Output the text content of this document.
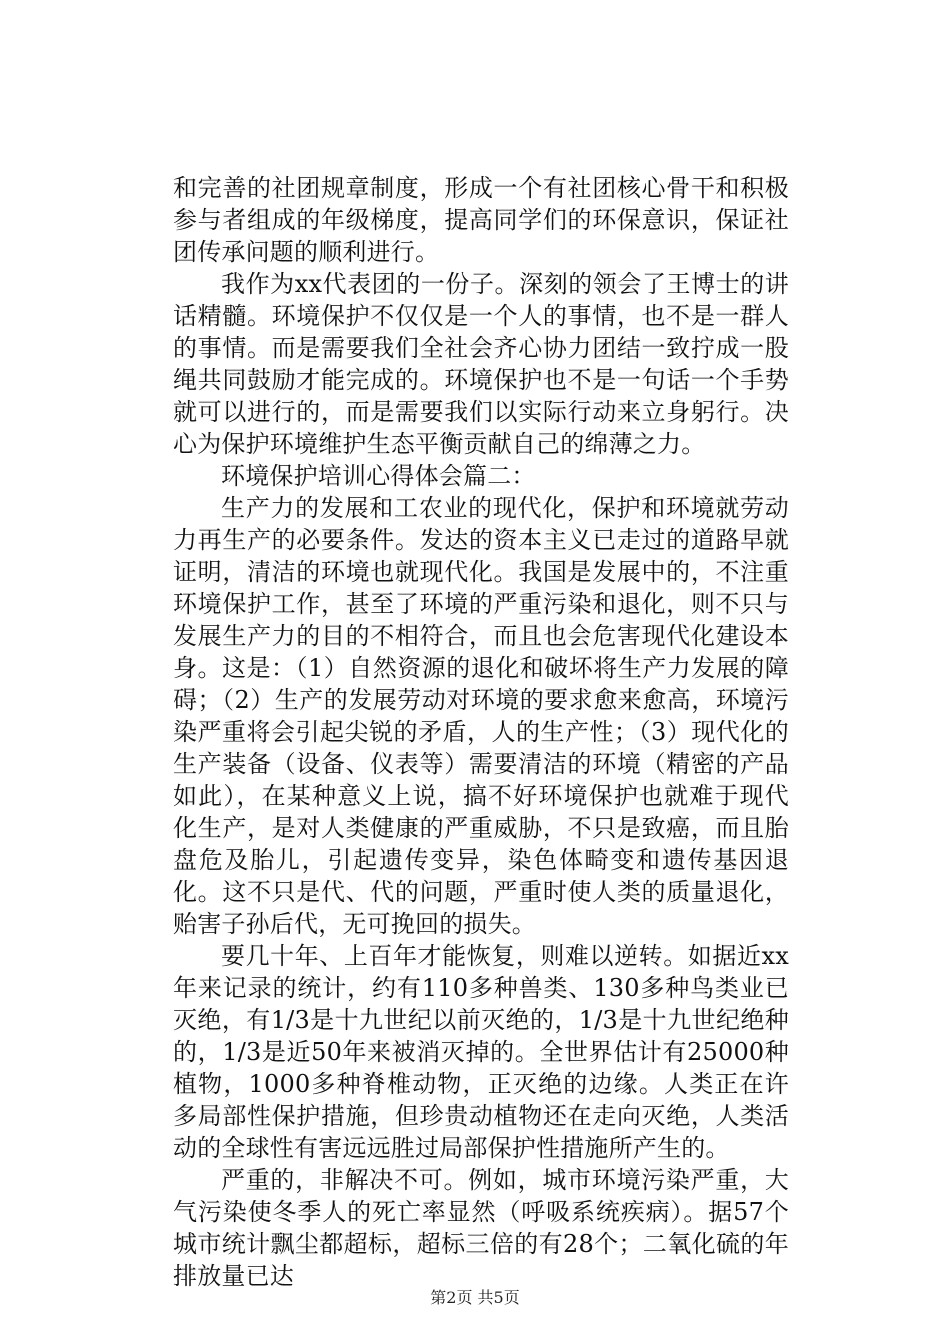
和完善的社团规章制度，形成一个有社团核心骨干和积极参与者组成的年级梯度，提高同学们的环保意识，保证社团传承问题的顺利进行。

我作为xx代表团的一份子。深刻的领会了王博士的讲话精髓。环境保护不仅仅是一个人的事情，也不是一群人的事情。而是需要我们全社会齐心协力团结一致拧成一股绳共同鼓励才能完成的。环境保护也不是一句话一个手势就可以进行的，而是需要我们以实际行动来立身躬行。决心为保护环境维护生态平衡贡献自己的绵薄之力。

环境保护培训心得体会篇二：

生产力的发展和工农业的现代化，保护和环境就劳动力再生产的必要条件。发达的资本主义已走过的道路早就证明，清洁的环境也就现代化。我国是发展中的，不注重环境保护工作，甚至了环境的严重污染和退化，则不只与发展生产力的目的不相符合，而且也会危害现代化建设本身。这是：（1）自然资源的退化和破坏将生产力发展的障碍；（2）生产的发展劳动对环境的要求愈来愈高，环境污染严重将会引起尖锐的矛盾，人的生产性；（3）现代化的生产装备（设备、仪表等）需要清洁的环境（精密的产品如此），在某种意义上说，搞不好环境保护也就难于现代化生产，是对人类健康的严重威胁，不只是致癌，而且胎盘危及胎儿，引起遗传变异，染色体畸变和遗传基因退化。这不只是代、代的问题，严重时使人类的质量退化，贻害子孙后代，无可挽回的损失。

要几十年、上百年才能恢复，则难以逆转。如据近xx年来记录的统计，约有110多种兽类、130多种鸟类业已灭绝，有1/3是十九世纪以前灭绝的，1/3是十九世纪绝种的，1/3是近50年来被消灭掉的。全世界估计有25000种植物，1000多种脊椎动物，正灭绝的边缘。人类正在许多局部性保护措施，但珍贵动植物还在走向灭绝，人类活动的全球性有害远远胜过局部保护性措施所产生的。

严重的，非解决不可。例如，城市环境污染严重，大气污染使冬季人的死亡率显然（呼吸系统疾病）。据57个城市统计飘尘都超标，超标三倍的有28个；二氧化硫的年排放量已达

第2页 共5页
